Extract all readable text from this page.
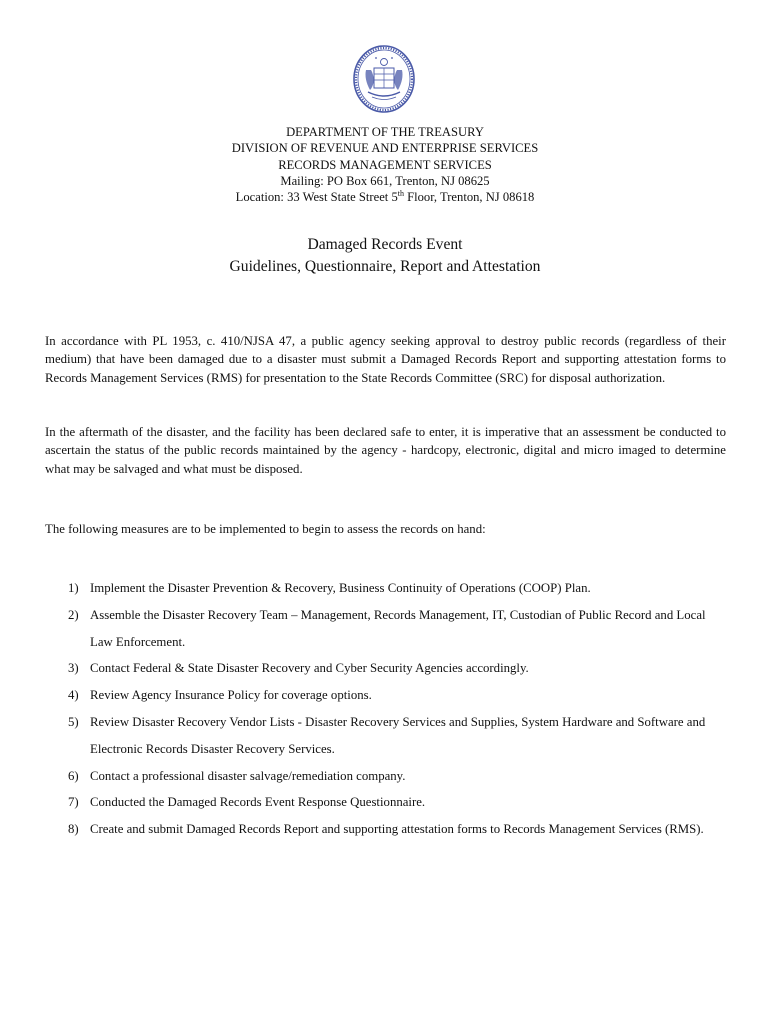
DEPARTMENT OF THE TREASURY
DIVISION OF REVENUE AND ENTERPRISE SERVICES
RECORDS MANAGEMENT SERVICES
Mailing: PO Box 661, Trenton, NJ 08625
Location: 33 West State Street 5th Floor, Trenton, NJ 08618
Damaged Records Event
Guidelines, Questionnaire, Report and Attestation

In accordance with PL 1953, c. 410/NJSA 47, a public agency seeking approval to destroy public records (regardless of their medium) that have been damaged due to a disaster must submit a Damaged Records Report and supporting attestation forms to Records Management Services (RMS) for presentation to the State Records Committee (SRC) for disposal authorization.

In the aftermath of the disaster, and the facility has been declared safe to enter, it is imperative that an assessment be conducted to ascertain the status of the public records maintained by the agency - hardcopy, electronic, digital and micro imaged to determine what may be salvaged and what must be disposed.

The following measures are to be implemented to begin to assess the records on hand:

1) Implement the Disaster Prevention & Recovery, Business Continuity of Operations (COOP) Plan.
2) Assemble the Disaster Recovery Team – Management, Records Management, IT, Custodian of Public Record and Local Law Enforcement.
3) Contact Federal & State Disaster Recovery and Cyber Security Agencies accordingly.
4) Review Agency Insurance Policy for coverage options.
5) Review Disaster Recovery Vendor Lists - Disaster Recovery Services and Supplies, System Hardware and Software and Electronic Records Disaster Recovery Services.
6) Contact a professional disaster salvage/remediation company.
7) Conducted the Damaged Records Event Response Questionnaire.
8) Create and submit Damaged Records Report and supporting attestation forms to Records Management Services (RMS).
